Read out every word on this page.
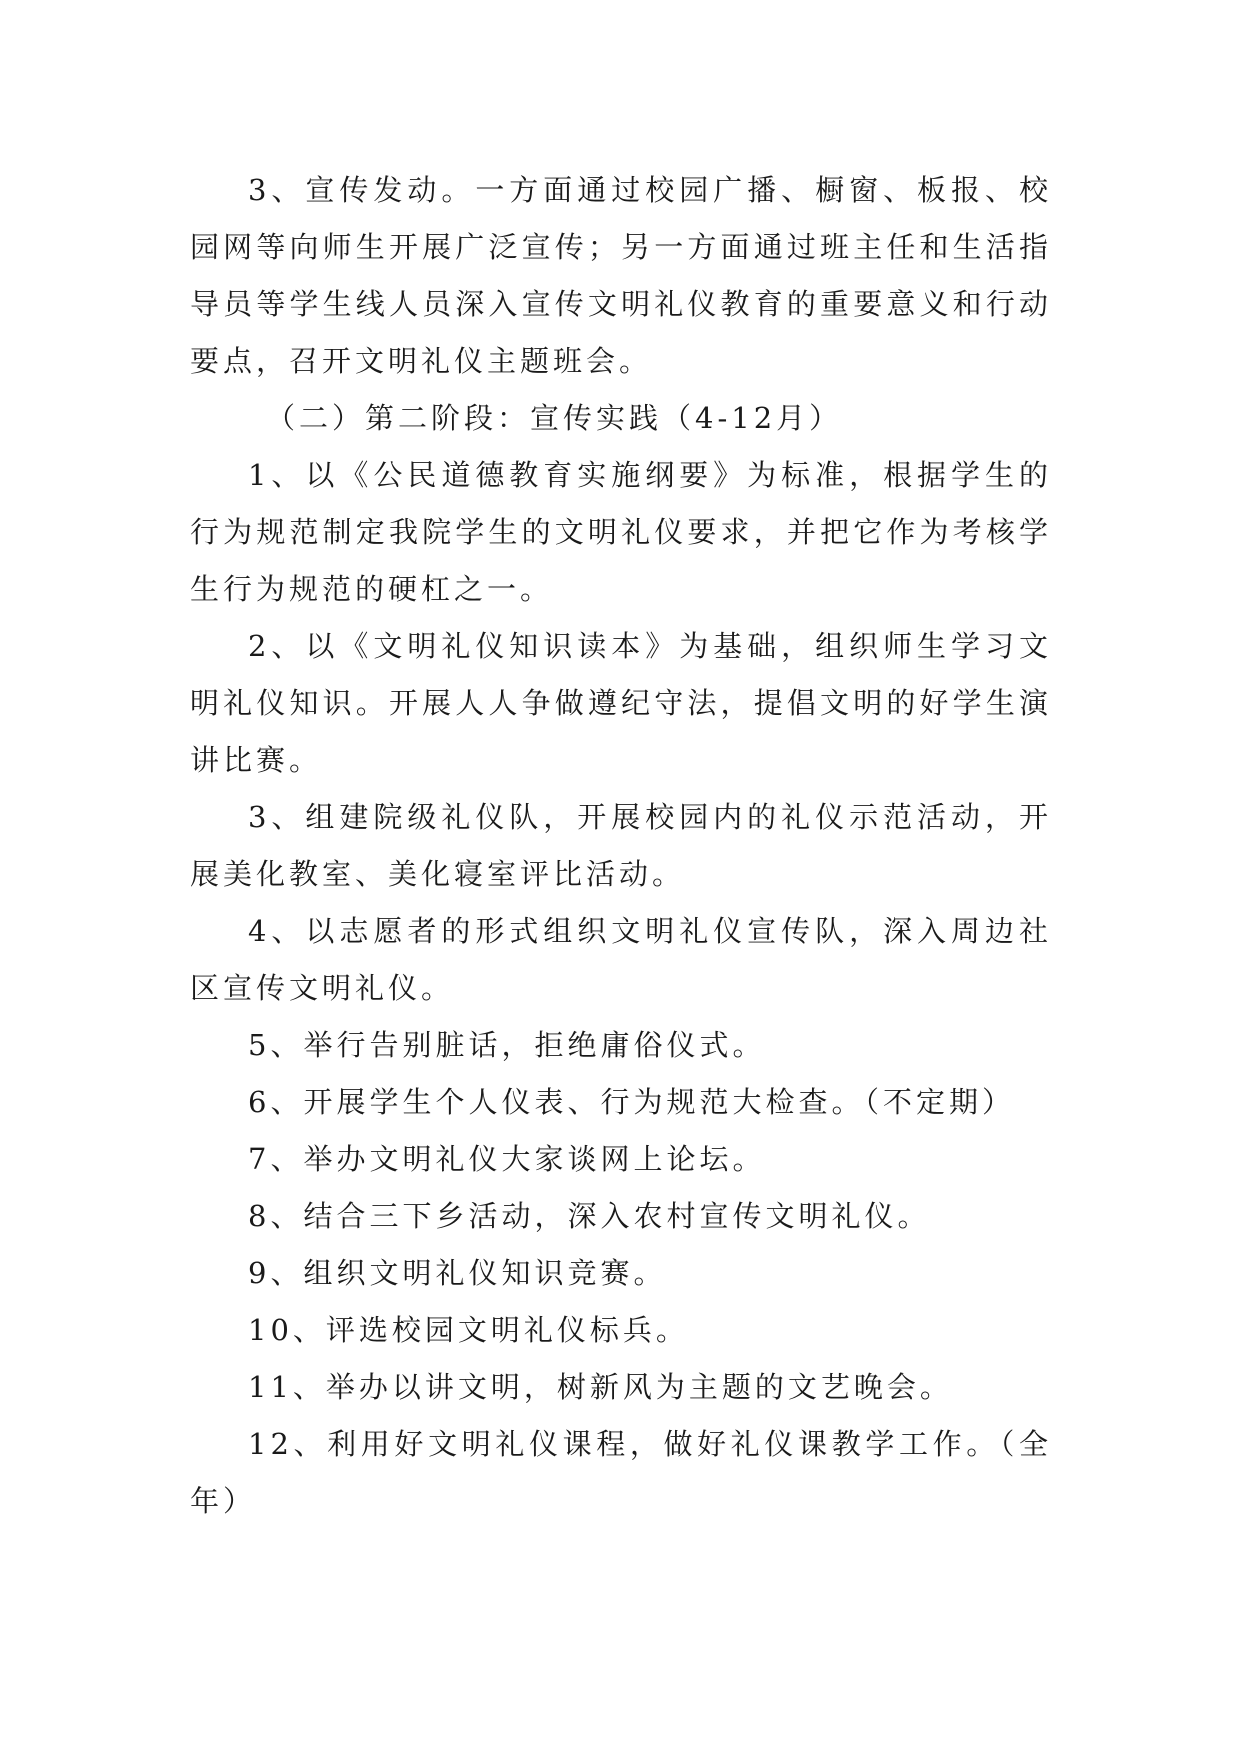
3、宣传发动。一方面通过校园广播、橱窗、板报、校园网等向师生开展广泛宣传；另一方面通过班主任和生活指导员等学生线人员深入宣传文明礼仪教育的重要意义和行动要点，召开文明礼仪主题班会。

（二）第二阶段：宣传实践（4-12月）

1、以《公民道德教育实施纲要》为标准，根据学生的行为规范制定我院学生的文明礼仪要求，并把它作为考核学生行为规范的硬杠之一。

2、以《文明礼仪知识读本》为基础，组织师生学习文明礼仪知识。开展人人争做遵纪守法，提倡文明的好学生演讲比赛。

3、组建院级礼仪队，开展校园内的礼仪示范活动，开展美化教室、美化寝室评比活动。

4、以志愿者的形式组织文明礼仪宣传队，深入周边社区宣传文明礼仪。

5、举行告别脏话，拒绝庸俗仪式。

6、开展学生个人仪表、行为规范大检查。（不定期）

7、举办文明礼仪大家谈网上论坛。

8、结合三下乡活动，深入农村宣传文明礼仪。

9、组织文明礼仪知识竞赛。

10、评选校园文明礼仪标兵。

11、举办以讲文明，树新风为主题的文艺晚会。

12、利用好文明礼仪课程，做好礼仪课教学工作。（全年）
